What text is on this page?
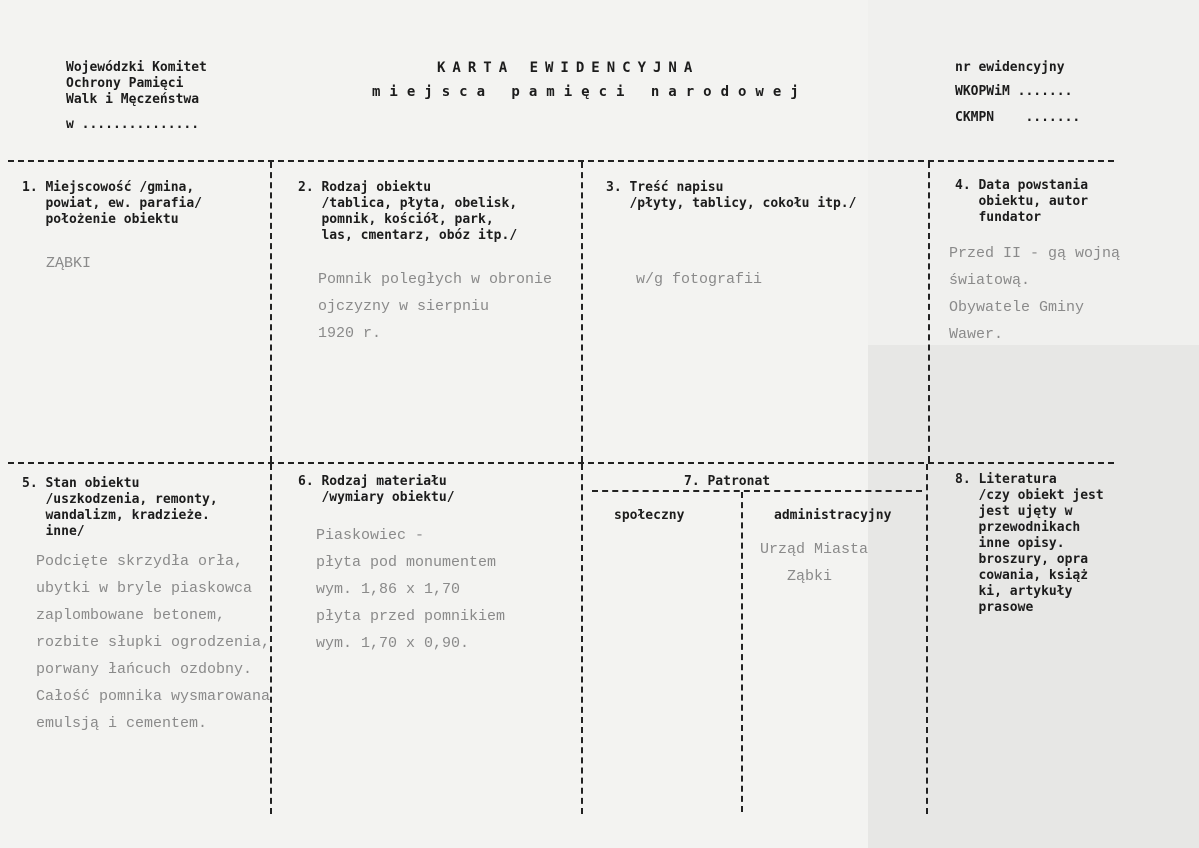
Wojewódzki Komitet
Ochrony Pamięci
Walk i Męczeństwa
w ...............
KARTA EWIDENCYJNA
miejsca pamięci narodowej
nr ewidencyjny
WKOPWiM .......
CKMPN    .......
1. Miejscowość /gmina,
powiat, ew. parafia/
położenie obiektu
ZĄBKI
2. Rodzaj obiektu
/tablica, płyta, obelisk,
pomnik, kościół, park,
las, cmentarz, obóz itp./
Pomnik poległych w obronie
ojczyzny w sierpniu
1920 r.
3. Treść napisu
/płyty, tablicy, cokołu itp./
w/g fotografii
4. Data powstania
obiektu, autor
fundator
Przed II - gą wojną
światową.
Obywatele Gminy
Wawer.
5. Stan obiektu
/uszkodzenia, remonty,
wandalizm, kradzieże.
inne/
Podcięte skrzydła orła,
ubytki w bryle piaskowca
zaplombowane betonem,
rozbite słupki ogrodzenia,
porwany łańcuch ozdobny.
Całość pomnika wysmarowana
emulsją i cementem.
6. Rodzaj materiału
/wymiary obiektu/
Piaskowiec -
płyta pod monumentem
wym. 1,86 x 1,70
płyta przed pomnikiem
wym. 1,70 x 0,90.
7. Patronat
społeczny	administracyjny
Urząd Miasta
Ząbki
8. Literatura
/czy obiekt jest
jest ujęty w
przewodnikach
inne opisy.
broszury, opra
cowania, książ
ki, artykuły
prasowe
